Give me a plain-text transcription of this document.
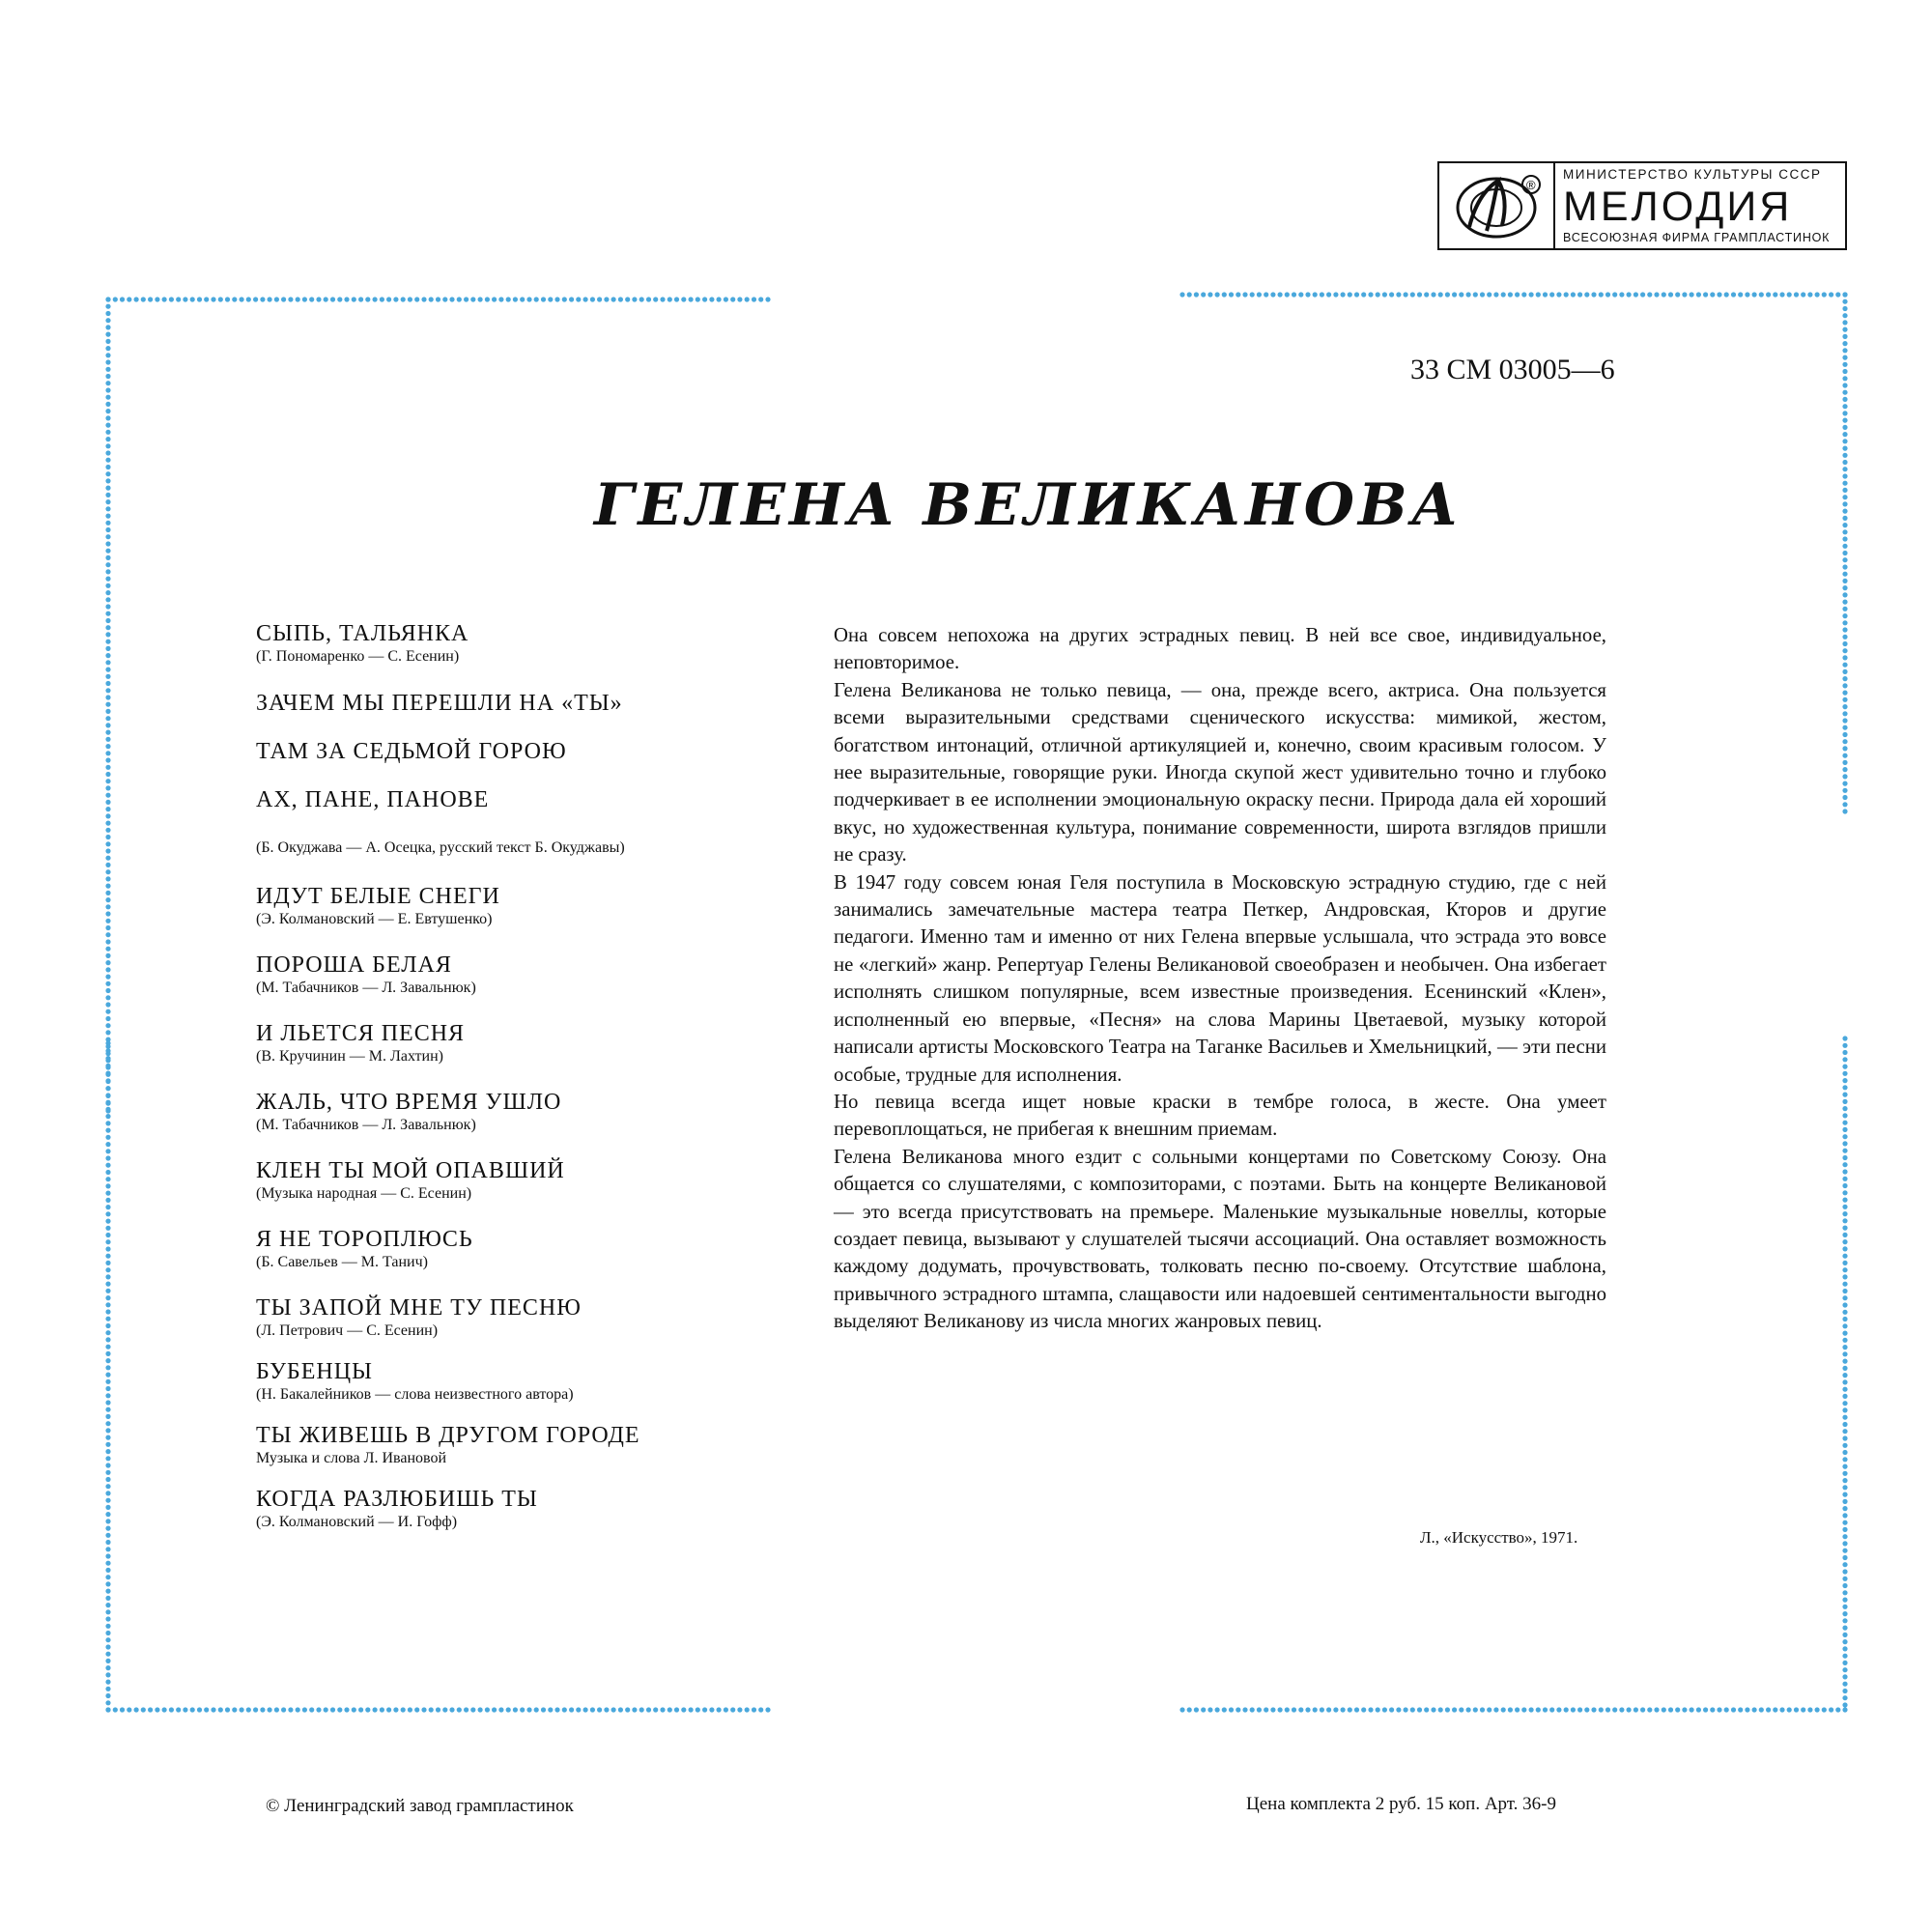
®
МИНИСТЕРСТВО КУЛЬТУРЫ СССР
МЕЛОДИЯ
ВСЕСОЮЗНАЯ ФИРМА ГРАМПЛАСТИНОК
33 СМ 03005—6
ГЕЛЕНА ВЕЛИКАНОВА
СЫПЬ, ТАЛЬЯНКА
(Г. Пономаренко — С. Есенин)
ЗАЧЕМ МЫ ПЕРЕШЛИ НА «ТЫ»
ТАМ ЗА СЕДЬМОЙ ГОРОЮ
АХ, ПАНЕ, ПАНОВЕ
(Б. Окуджава — А. Осецка, русский текст Б. Окуджавы)
ИДУТ БЕЛЫЕ СНЕГИ
(Э. Колмановский — Е. Евтушенко)
ПОРОША БЕЛАЯ
(М. Табачников — Л. Завальнюк)
И ЛЬЕТСЯ ПЕСНЯ
(В. Кручинин — М. Лахтин)
ЖАЛЬ, ЧТО ВРЕМЯ УШЛО
(М. Табачников — Л. Завальнюк)
КЛЕН ТЫ МОЙ ОПАВШИЙ
(Музыка народная — С. Есенин)
Я НЕ ТОРОПЛЮСЬ
(Б. Савельев — М. Танич)
ТЫ ЗАПОЙ МНЕ ТУ ПЕСНЮ
(Л. Петрович — С. Есенин)
БУБЕНЦЫ
(Н. Бакалейников — слова неизвестного автора)
ТЫ ЖИВЕШЬ В ДРУГОМ ГОРОДЕ
Музыка и слова Л. Ивановой
КОГДА РАЗЛЮБИШЬ ТЫ
(Э. Колмановский — И. Гофф)

Она совсем непохожа на других эстрадных певиц. В ней все свое, индивидуальное, неповторимое.

Гелена Великанова не только певица, — она, прежде всего, актриса. Она пользуется всеми выразительными средствами сценического искусства: мимикой, жестом, богатством интонаций, отличной артикуляцией и, конечно, своим красивым голосом. У нее выразительные, говорящие руки. Иногда скупой жест удивительно точно и глубоко подчеркивает в ее исполнении эмоциональную окраску песни. Природа дала ей хороший вкус, но художественная культура, понимание современности, широта взглядов пришли не сразу.

В 1947 году совсем юная Геля поступила в Московскую эстрадную студию, где с ней занимались замечательные мастера театра Петкер, Андровская, Кторов и другие педагоги. Именно там и именно от них Гелена впервые услышала, что эстрада это вовсе не «легкий» жанр. Репертуар Гелены Великановой своеобразен и необычен. Она избегает исполнять слишком популярные, всем известные произведения. Есенинский «Клен», исполненный ею впервые, «Песня» на слова Марины Цветаевой, музыку которой написали артисты Московского Театра на Таганке Васильев и Хмельницкий, — эти песни особые, трудные для исполнения.

Но певица всегда ищет новые краски в тембре голоса, в жесте. Она умеет перевоплощаться, не прибегая к внешним приемам.

Гелена Великанова много ездит с сольными концертами по Советскому Союзу. Она общается со слушателями, с композиторами, с поэтами. Быть на концерте Великановой — это всегда присутствовать на премьере. Маленькие музыкальные новеллы, которые создает певица, вызывают у слушателей тысячи ассоциаций. Она оставляет возможность каждому додумать, прочувствовать, толковать песню по-своему. Отсутствие шаблона, привычного эстрадного штампа, слащавости или надоевшей сентиментальности выгодно выделяют Великанову из числа многих жанровых певиц.

Л., «Искусство», 1971.
© Ленинградский завод грампластинок	Цена комплекта 2 руб. 15 коп. Арт. 36-9
